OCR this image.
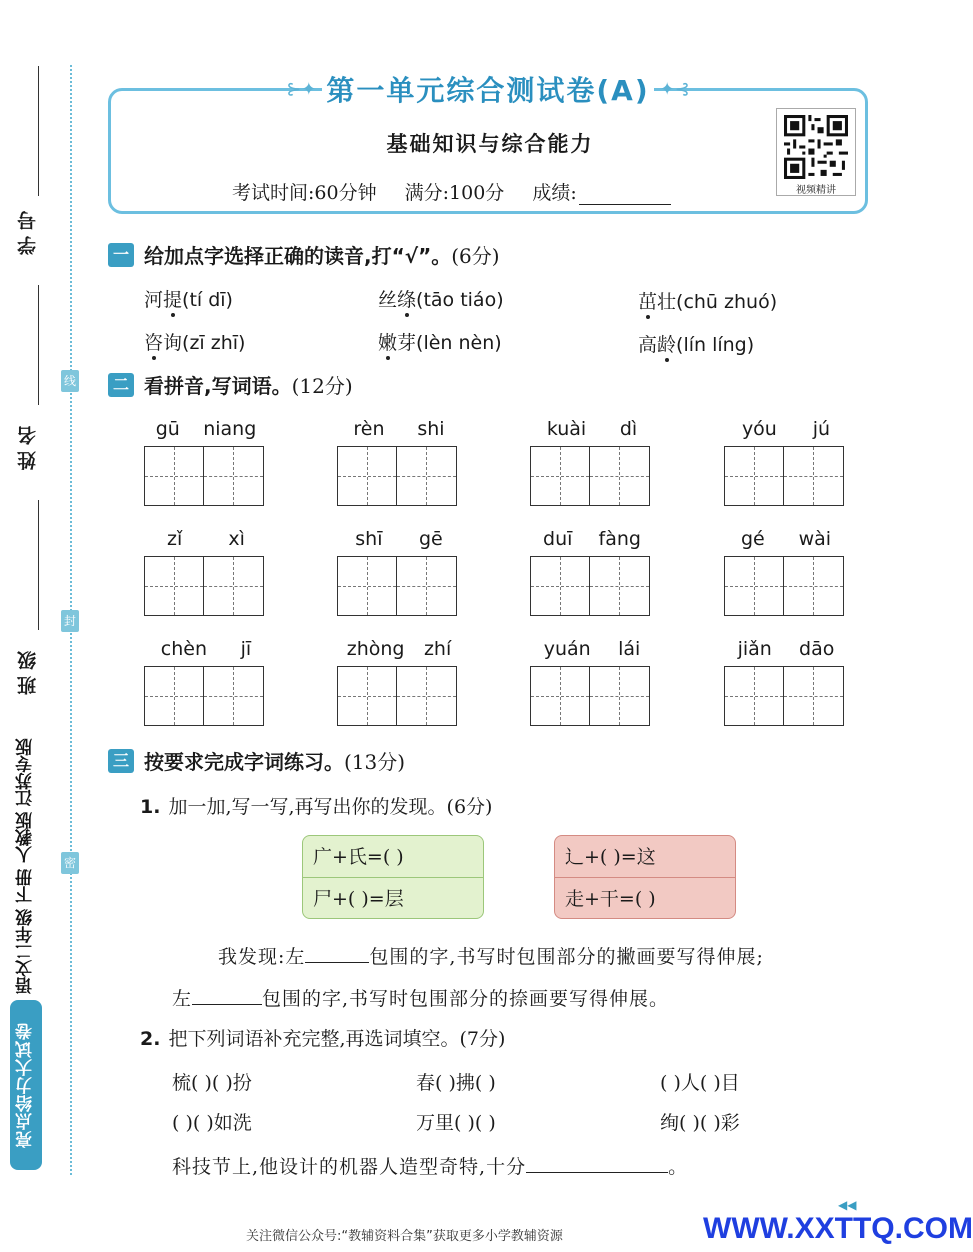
学号
姓名
班级
线
封
密
语文二年级 下册 人教版 江苏专版
亮点给力大试卷
⊱✦ 第一单元综合测试卷(A) ✦⊰
基础知识与综合能力
考试时间:60分钟 满分:100分 成绩:	视频精讲
一 给加点字选择正确的读音,打“√”。 (6分)
河提(tí dī)	丝绦(tāo tiáo)	茁壮(chū zhuó)
咨询(zī zhī)	嫩芽(lèn nèn)	高龄(lín líng)
二 看拼音,写词语。 (12分)
gū niang	rèn shi	kuài dì	yóu jú
zǐ xì	shī gē	duī fàng	gé wài
chèn jī	zhòng zhí	yuán lái	jiǎn dāo
三 按要求完成字词练习。 (13分)
1. 加一加,写一写,再写出你的发现。(6分)
广+氏=( )
尸+( )=层
辶+( )=这
走+干=( )
我发现:左	包围的字,书写时包围部分的撇画要写得伸展;
左	包围的字,书写时包围部分的捺画要写得伸展。
2. 把下列词语补充完整,再选词填空。(7分)
梳( )( )扮	春( )拂( )	( )人( )目
( )( )如洗	万里( )( )	绚( )( )彩
科技节上,他设计的机器人造型奇特,十分	。
◀◀
关注微信公众号:“教辅资料合集”获取更多小学教辅资源	WWW.XXTTQ.COM
